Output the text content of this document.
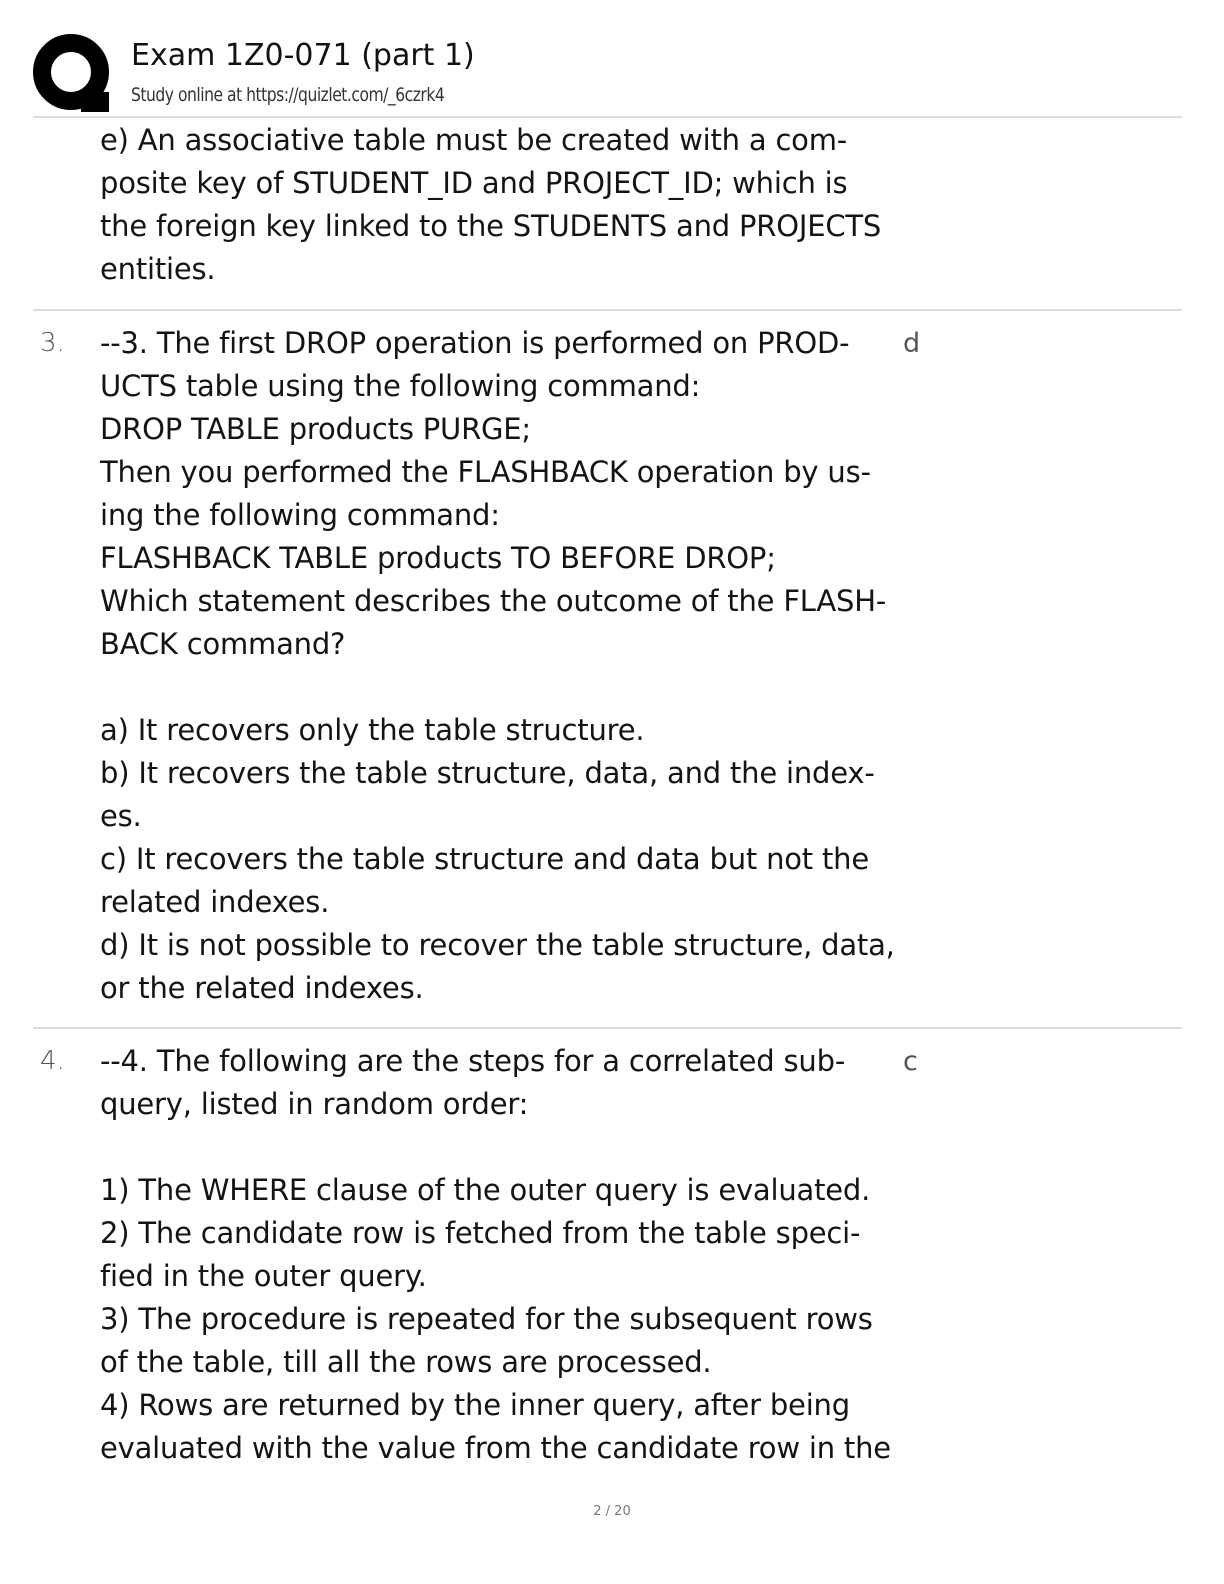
Exam 1Z0-071 (part 1)
Study online at https://quizlet.com/_6czrk4
e) An associative table must be created with a com-
posite key of STUDENT_ID and PROJECT_ID; which is
the foreign key linked to the STUDENTS and PROJECTS
entities.
3.	d
--3. The first DROP operation is performed on PROD-
UCTS table using the following command:
DROP TABLE products PURGE;
Then you performed the FLASHBACK operation by us-
ing the following command:
FLASHBACK TABLE products TO BEFORE DROP;
Which statement describes the outcome of the FLASH-
BACK command?
a) It recovers only the table structure.
b) It recovers the table structure, data, and the index-
es.
c) It recovers the table structure and data but not the
related indexes.
d) It is not possible to recover the table structure, data,
or the related indexes.
4.	c
--4. The following are the steps for a correlated sub-
query, listed in random order:
1) The WHERE clause of the outer query is evaluated.
2) The candidate row is fetched from the table speci-
fied in the outer query.
3) The procedure is repeated for the subsequent rows
of the table, till all the rows are processed.
4) Rows are returned by the inner query, after being
evaluated with the value from the candidate row in the
2 / 20
